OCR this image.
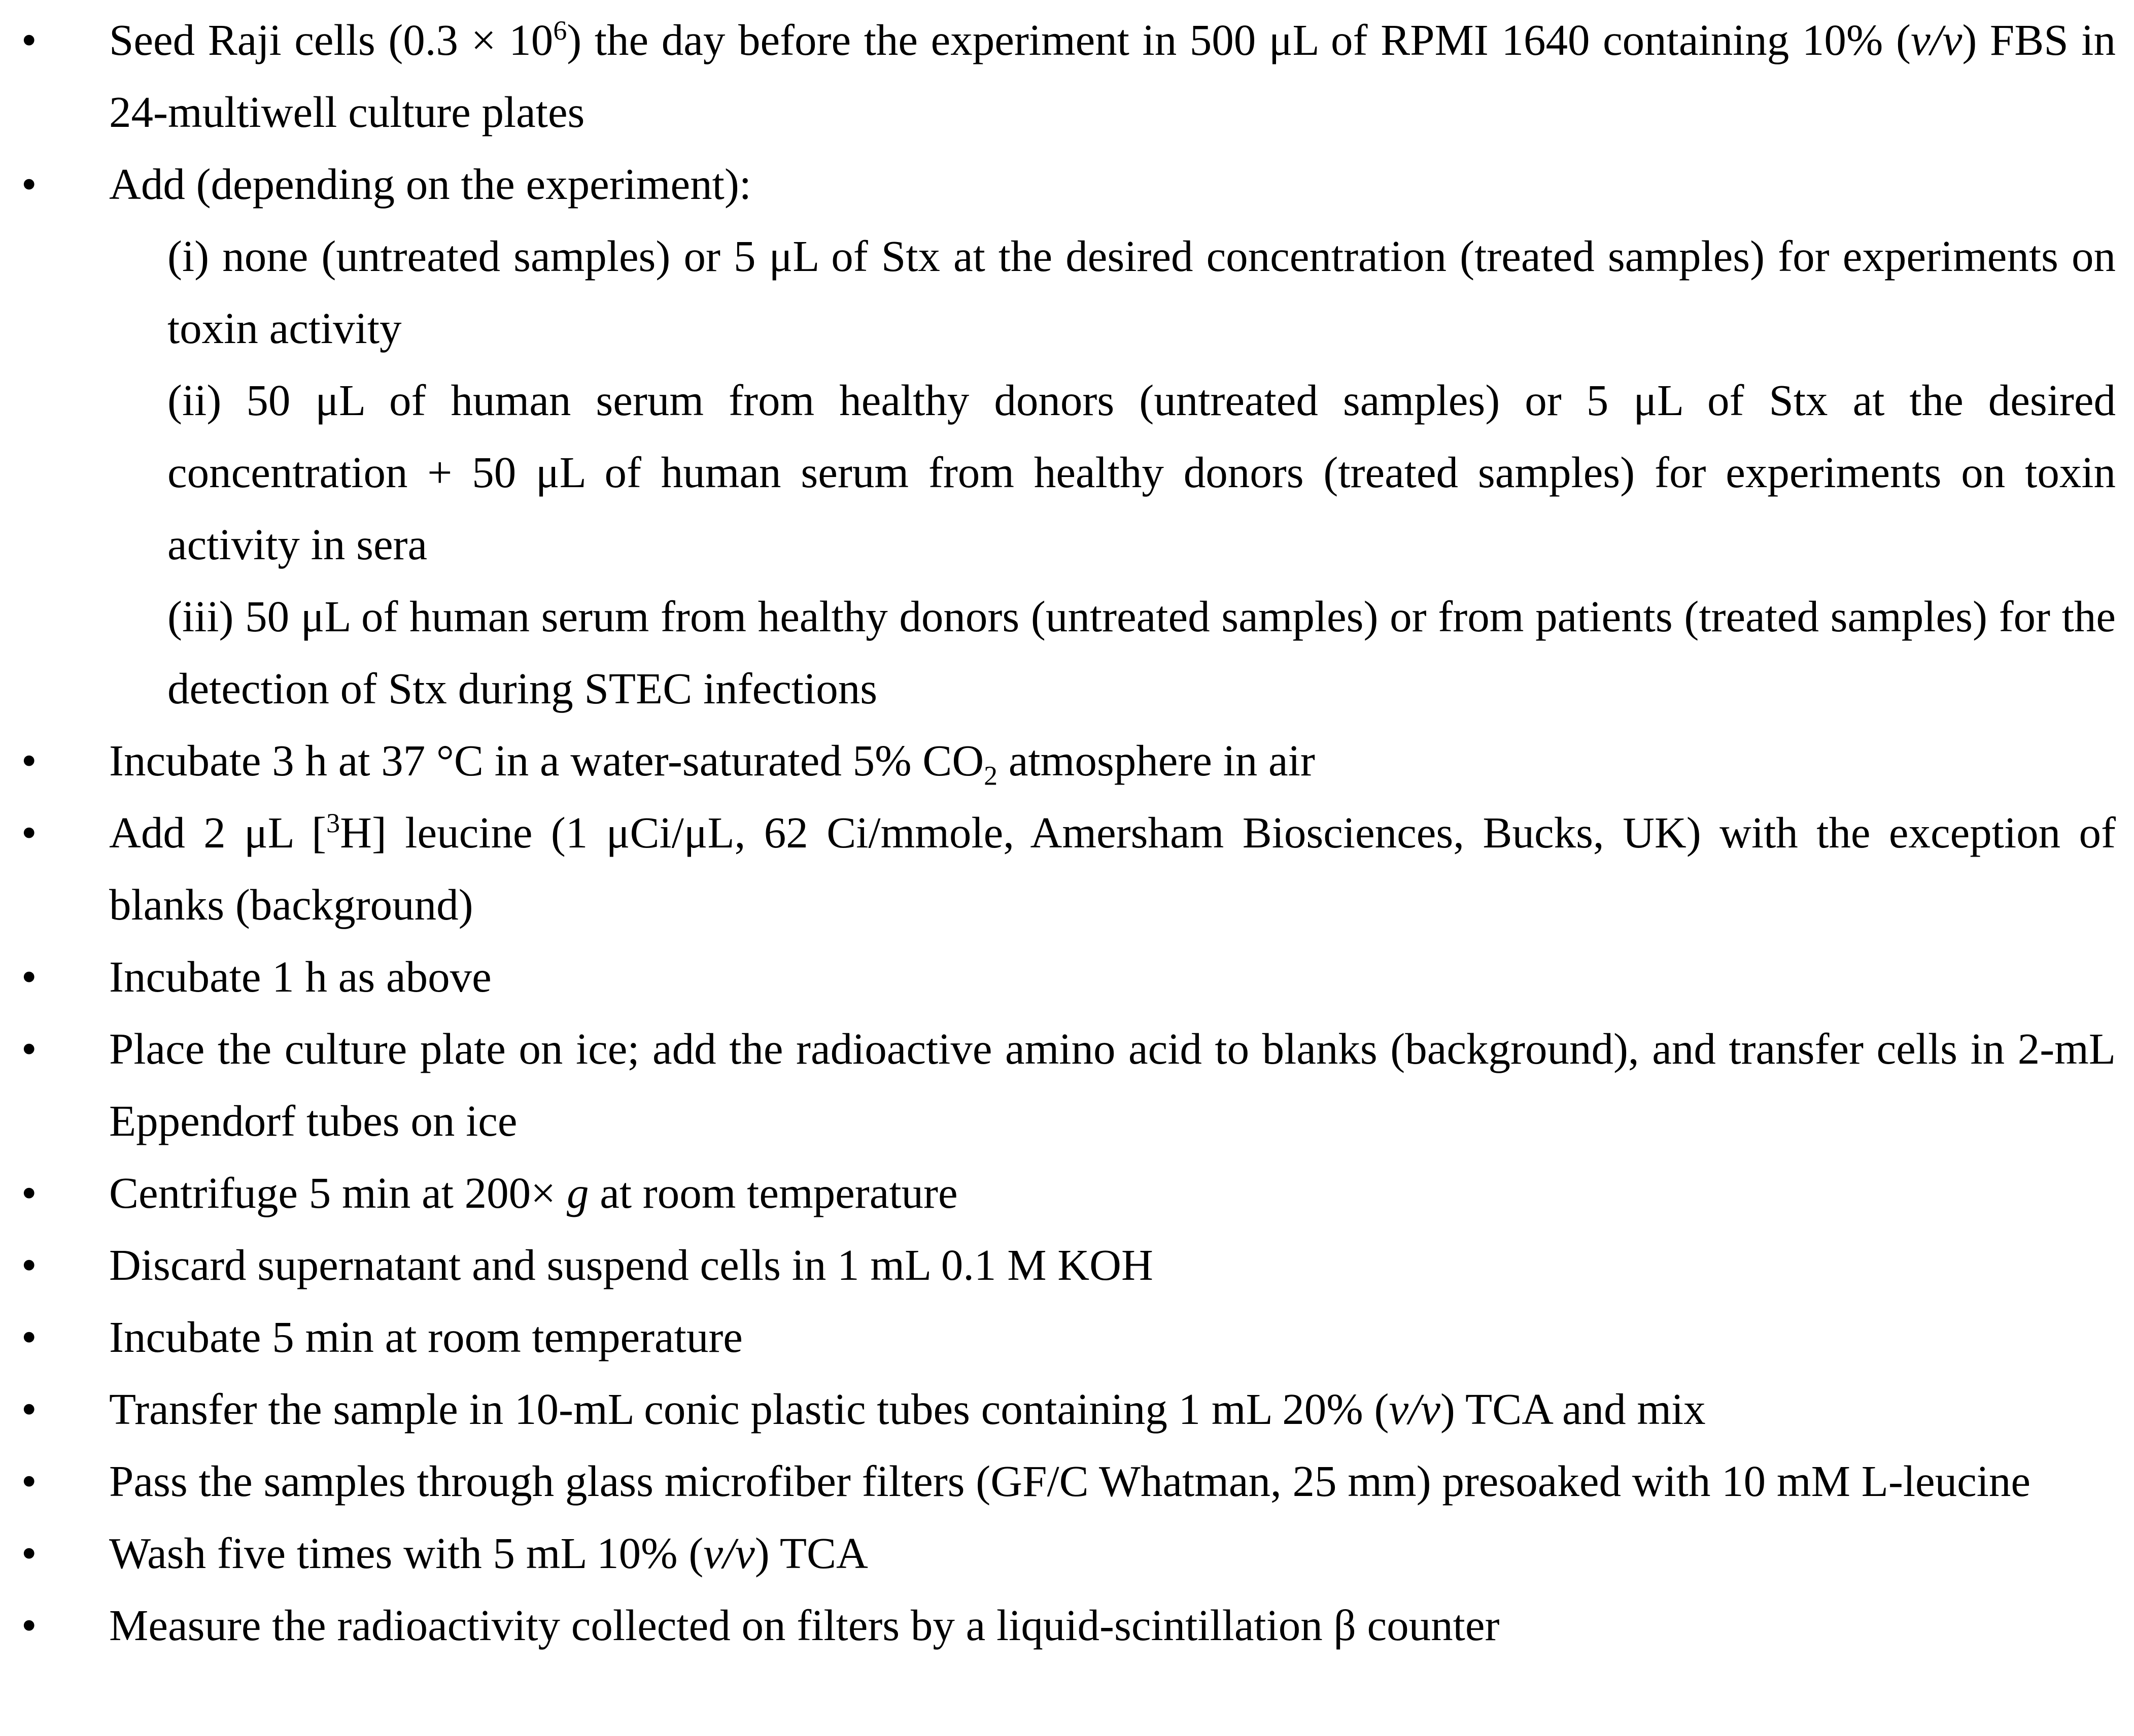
•	Seed Raji cells $(0.3 \times 10^6)$ the day before the experiment in 500 μL of RPMI 1640 containing 10% (v/v) FBS in 24-multiwell culture plates
•	Add (depending on the experiment):
(i) none (untreated samples) or 5 μL of Stx at the desired concentration (treated samples) for experiments on toxin activity
(ii) 50 μL of human serum from healthy donors (untreated samples) or 5 μL of Stx at the desired concentration + 50 μL of human serum from healthy donors (treated samples) for experiments on toxin activity in sera
(iii) 50 μL of human serum from healthy donors (untreated samples) or from patients (treated samples) for the detection of Stx during STEC infections
•	Incubate 3 h at 37 °C in a water-saturated 5% $CO_2$ atmosphere in air
•	Add 2 μL [$^3$H] leucine (1 μCi/μL, 62 Ci/mmole, Amersham Biosciences, Bucks, UK) with the exception of blanks (background)
•	Incubate 1 h as above
•	Place the culture plate on ice; add the radioactive amino acid to blanks (background), and transfer cells in 2-mL Eppendorf tubes on ice
•	Centrifuge 5 min at 200× g at room temperature
•	Discard supernatant and suspend cells in 1 mL 0.1 M KOH
•	Incubate 5 min at room temperature
•	Transfer the sample in 10-mL conic plastic tubes containing 1 mL 20% (v/v) TCA and mix
•	Pass the samples through glass microfiber filters (GF/C Whatman, 25 mm) presoaked with 10 mM L-leucine
•	Wash five times with 5 mL 10% (v/v) TCA
•	Measure the radioactivity collected on filters by a liquid-scintillation β counter
